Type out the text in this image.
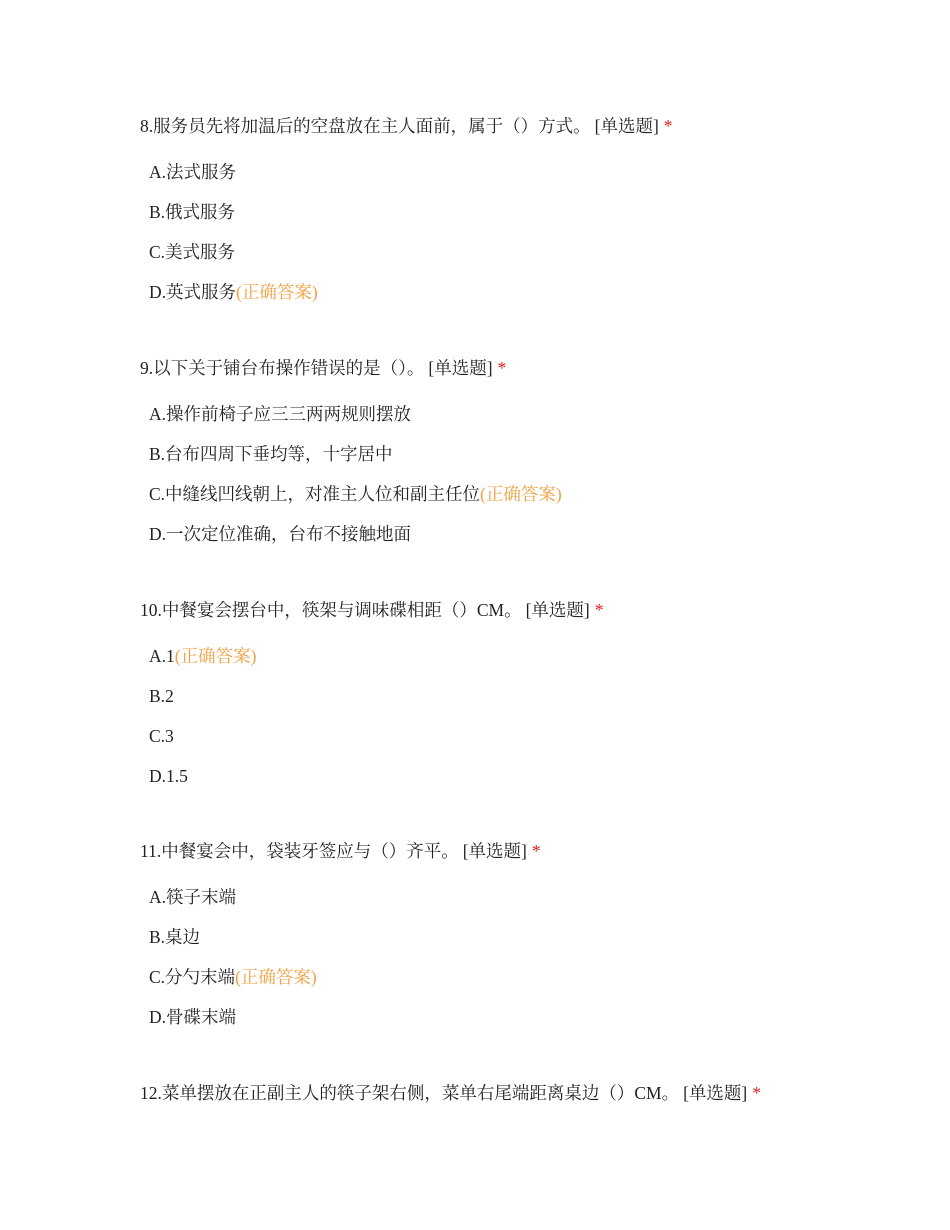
8.服务员先将加温后的空盘放在主人面前，属于（）方式。 [单选题] *
A.法式服务
B.俄式服务
C.美式服务
D.英式服务(正确答案)
9.以下关于铺台布操作错误的是（）。 [单选题] *
A.操作前椅子应三三两两规则摆放
B.台布四周下垂均等，十字居中
C.中缝线凹线朝上，对准主人位和副主任位(正确答案)
D.一次定位准确，台布不接触地面
10.中餐宴会摆台中，筷架与调味碟相距（）CM。 [单选题] *
A.1(正确答案)
B.2
C.3
D.1.5
11.中餐宴会中，袋装牙签应与（）齐平。 [单选题] *
A.筷子末端
B.桌边
C.分勺末端(正确答案)
D.骨碟末端
12.菜单摆放在正副主人的筷子架右侧，菜单右尾端距离桌边（）CM。 [单选题] *
